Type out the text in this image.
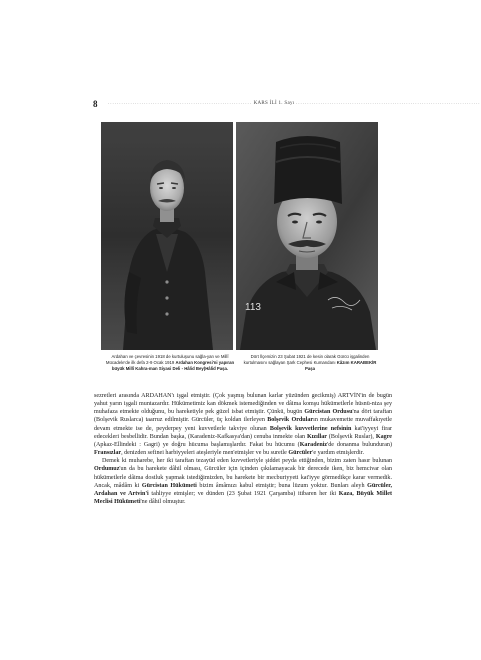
8 ................................................................ KARS İLİ 1. Sayı ..................................................................................
113
Ardahan ve çevresinin 1918 de kurtuluşunu sağla-yan ve Millî Mücadele'de ilk defa 2-9 Ocak 1919 Ardahan Kongresi'ni yapıran büyük Millî Kahra-man Siyasi Deli - Hâlid Bey(Hâlid Paşa.
Dört İlçemizin 23 Şubat 1921 de kesin olarak Gürcü işgalinden kurtulmasını sağlayan Şark Cephesi Kumandanı Kâzım KARABEKİR Paşa

sezretleri arasında ARDAHAN'ı işgal etmiştir. (Çok yaşmış bulunan karlar yüzünden gecikmiş) ARTVİN'in de bugün yahut yarın işgali muntazardır. Hükümetimiz kan dökmek istemediğinden ve dâima komşu hükümetlerle hüsnü-niza şey muhafaza etmekte olduğunu, bu hareketiyle pek güzel isbat etmiştir. Çünkü, bugün Gürcistan Ordusu'na dört taraftan (Bolşevik Ruslarca) taarruz edilmiştir. Gürcüler, üç koldan ilerleyen Bolşevik Orduların mukavemette muvaffakıyetle devam etmekte ise de, peyderpey yeni kuvvetlerle takviye olunan Bolşevik kuvvetlerine nefsinin kat'iyyeyi firar edecekleri besbellidir. Bundan başka, (Karadeniz-Kafkasya'dan) cenuba inmekte olan Kızıllar (Bolşevik Ruslar), Kagre (Apkaz-Ellindeki : Gagri) ye doğru hücuma başlamışlardır. Fakat bu hücumu (Karadeniz'de donanma bulunduran) Fransızlar, denizden sefinei harbiyyeleri ateşleriyle men'etmişler ve bu suretle Gürcüler'e yardım etmişlerdir.

Demek ki muharebe, her iki taraftan tezayüd eden kuvvetleriyle şiddet peyda ettiğinden, bizim zaten hasır bulunan Ordumuz'un da bu harekete dâhil olması, Gürcüler için içinden çıkılamayacak bir derecede iken, biz hemcivar olan hükümetlerle dâima dostluk yapmak istediğimizden, bu harekete bir mecburiyyeti kat'iyye görmedikçe karar vermedik. Ancak, mâdâm ki Gürcistan Hükümeti bizim âmâmızı kabul etmiştir; buna lüzum yoktur. Bunları aleyh Gürcüler, Ardahan ve Artvin'i tahliyye etmişler; ve dünden (23 Şubat 1921 Çarşamba) itibaren her iki Kaza, Büyük Millet Meclisi Hükümeti'ne dâhil olmuştur.
